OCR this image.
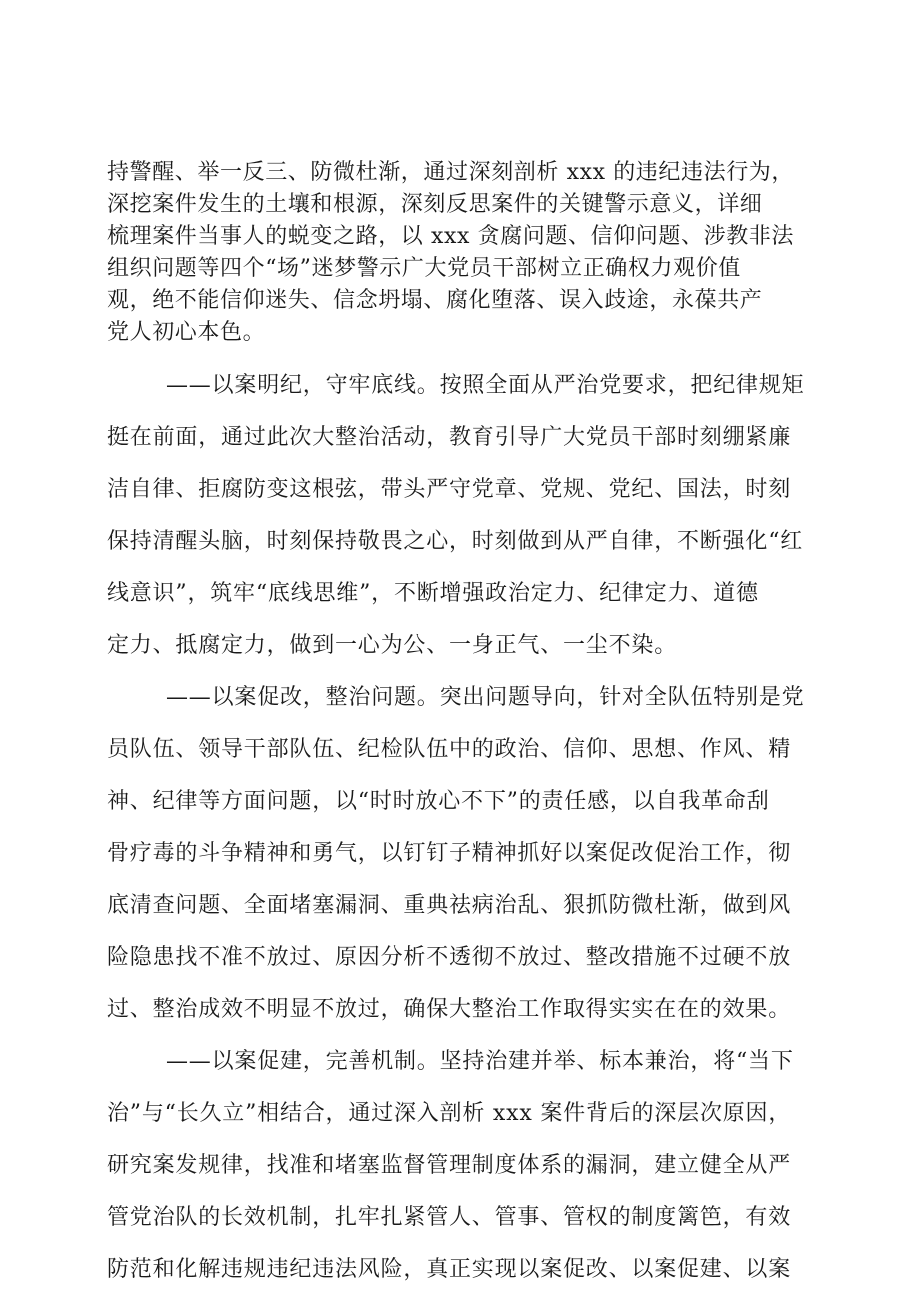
持警醒、举一反三、防微杜渐，通过深刻剖析 xxx 的违纪违法行为，
深挖案件发生的土壤和根源，深刻反思案件的关键警示意义，详细
梳理案件当事人的蜕变之路，以 xxx 贪腐问题、信仰问题、涉教非法
组织问题等四个“场”迷梦警示广大党员干部树立正确权力观价值
观，绝不能信仰迷失、信念坍塌、腐化堕落、误入歧途，永葆共产
党人初心本色。
——以案明纪，守牢底线。按照全面从严治党要求，把纪律规矩
挺在前面，通过此次大整治活动，教育引导广大党员干部时刻绷紧廉
洁自律、拒腐防变这根弦，带头严守党章、党规、党纪、国法，时刻
保持清醒头脑，时刻保持敬畏之心，时刻做到从严自律，不断强化“红
线意识”，筑牢“底线思维”，不断增强政治定力、纪律定力、道德
定力、抵腐定力，做到一心为公、一身正气、一尘不染。
——以案促改，整治问题。突出问题导向，针对全队伍特别是党
员队伍、领导干部队伍、纪检队伍中的政治、信仰、思想、作风、精
神、纪律等方面问题，以“时时放心不下”的责任感，以自我革命刮
骨疗毒的斗争精神和勇气，以钉钉子精神抓好以案促改促治工作，彻
底清查问题、全面堵塞漏洞、重典祛病治乱、狠抓防微杜渐，做到风
险隐患找不准不放过、原因分析不透彻不放过、整改措施不过硬不放
过、整治成效不明显不放过，确保大整治工作取得实实在在的效果。
——以案促建，完善机制。坚持治建并举、标本兼治，将“当下
治”与“长久立”相结合，通过深入剖析 xxx 案件背后的深层次原因，
研究案发规律，找准和堵塞监督管理制度体系的漏洞，建立健全从严
管党治队的长效机制，扎牢扎紧管人、管事、管权的制度篱笆，有效
防范和化解违规违纪违法风险，真正实现以案促改、以案促建、以案
